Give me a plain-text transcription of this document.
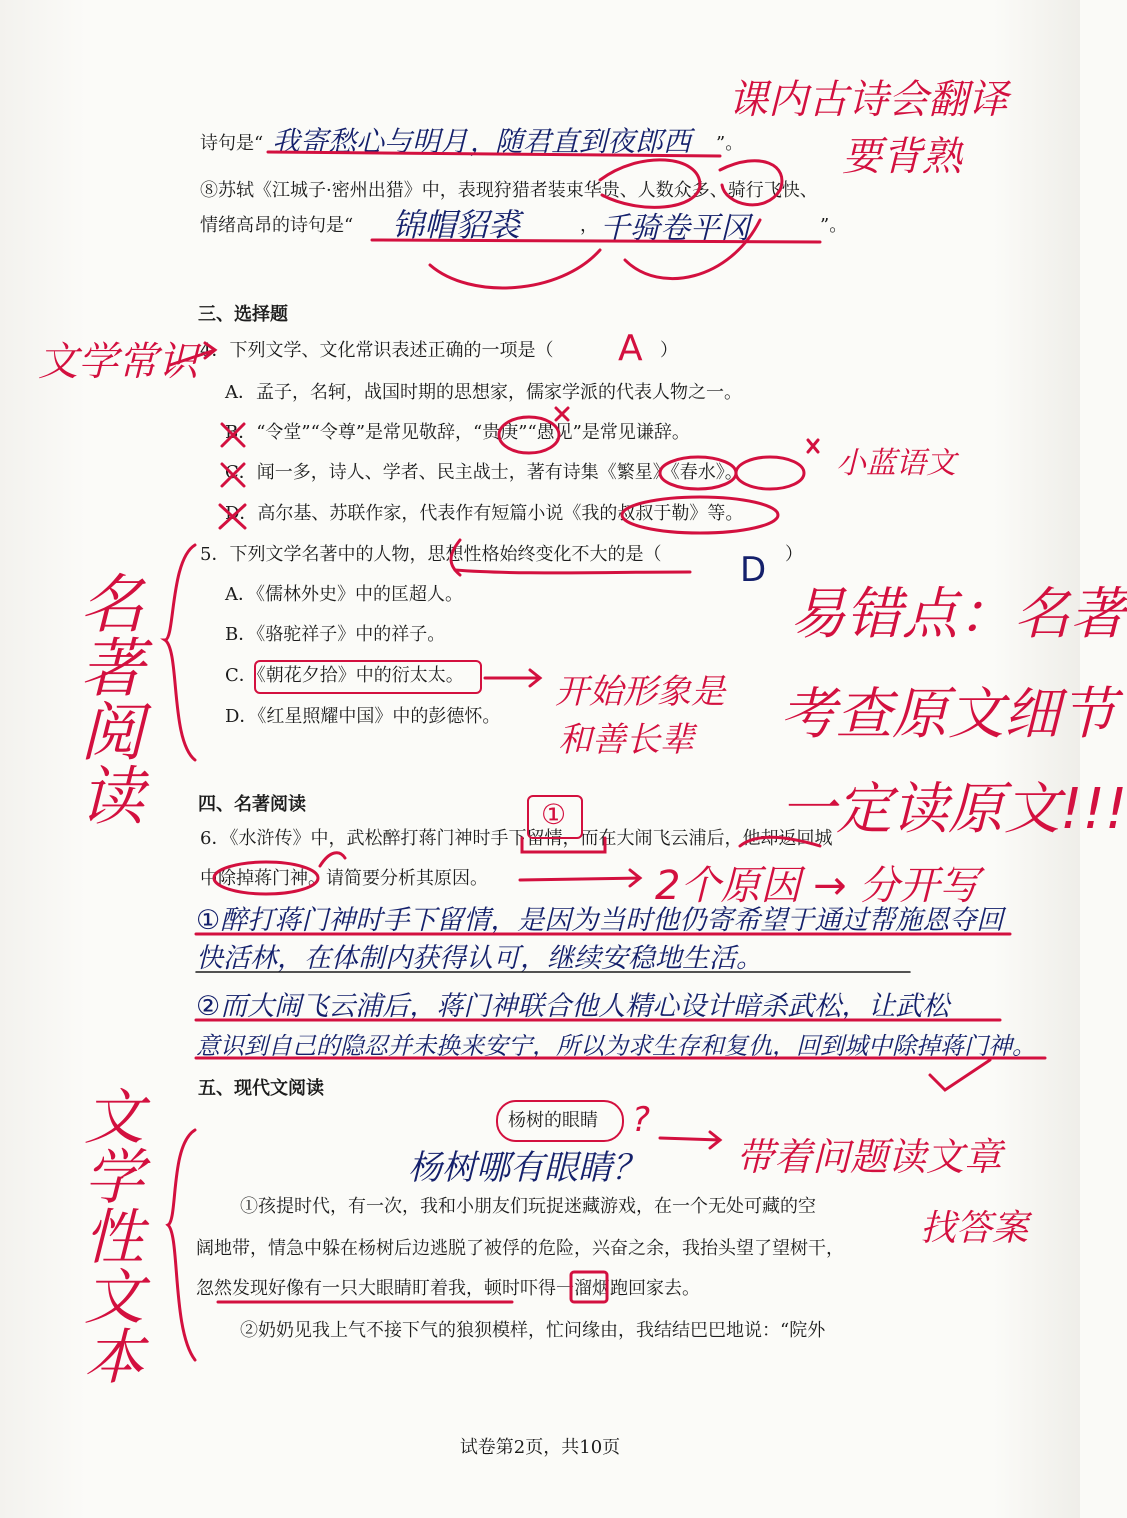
诗句是“ 我寄愁心与明月 ，
随君直到夜郎西 ”。
⑧苏轼《江城子·密州出猎》中，表现狩猎者装束华贵、人数众多、骑行飞快、
情绪高昂的诗句是“ 锦帽貂裘	， 千骑卷平冈	”。
课内古诗会翻译
要背熟
三、选择题
4．下列文学、文化常识表述正确的一项是（ A ）
A．孟子，名轲，战国时期的思想家，儒家学派的代表人物之一。
B．“令堂”“令尊”是常见敬辞，“贵庚”“愚见”是常见谦辞。
C．闻一多，诗人、学者、民主战士，著有诗集《繁星》《春水》。
D．高尔基、苏联作家，代表作有短篇小说《我的叔叔于勒》等。
文学常识
小蓝语文
5．下列文学名著中的人物，思想性格始终变化不大的是（ D ）
A．《儒林外史》中的匡超人。
B．《骆驼祥子》中的祥子。
C．《朝花夕拾》中的衍太太。
D．《红星照耀中国》中的彭德怀。
开始形象是
和善长辈
名著阅读	易错点：名著
考查原文细节
一定读原文!!!
四、名著阅读
6．《水浒传》中，武松醉打蒋门神时手下留情，而在大闹飞云浦后，他却返回城
中除掉蒋门神。请简要分析其原因。
①
2个原因 → 分开写
①醉打蒋门神时手下留情，是因为当时他仍寄希望于通过帮施恩夺回
快活林，在体制内获得认可，继续安稳地生活。
②而大闹飞云浦后，蒋门神联合他人精心设计暗杀武松，让武松
意识到自己的隐忍并未换来安宁，所以为求生存和复仇，回到城中除掉蒋门神。
五、现代文阅读
杨树的眼睛 ?
杨树哪有眼睛？ 带着问题读文章
找答案
①孩提时代，有一次，我和小朋友们玩捉迷藏游戏，在一个无处可藏的空
阔地带，情急中躲在杨树后边逃脱了被俘的危险，兴奋之余，我抬头望了望树干，
忽然发现好像有一只大眼睛盯着我，顿时吓得一溜烟跑回家去。
②奶奶见我上气不接下气的狼狈模样，忙问缘由，我结结巴巴地说：“院外
文学性文本
试卷第2页，共10页
